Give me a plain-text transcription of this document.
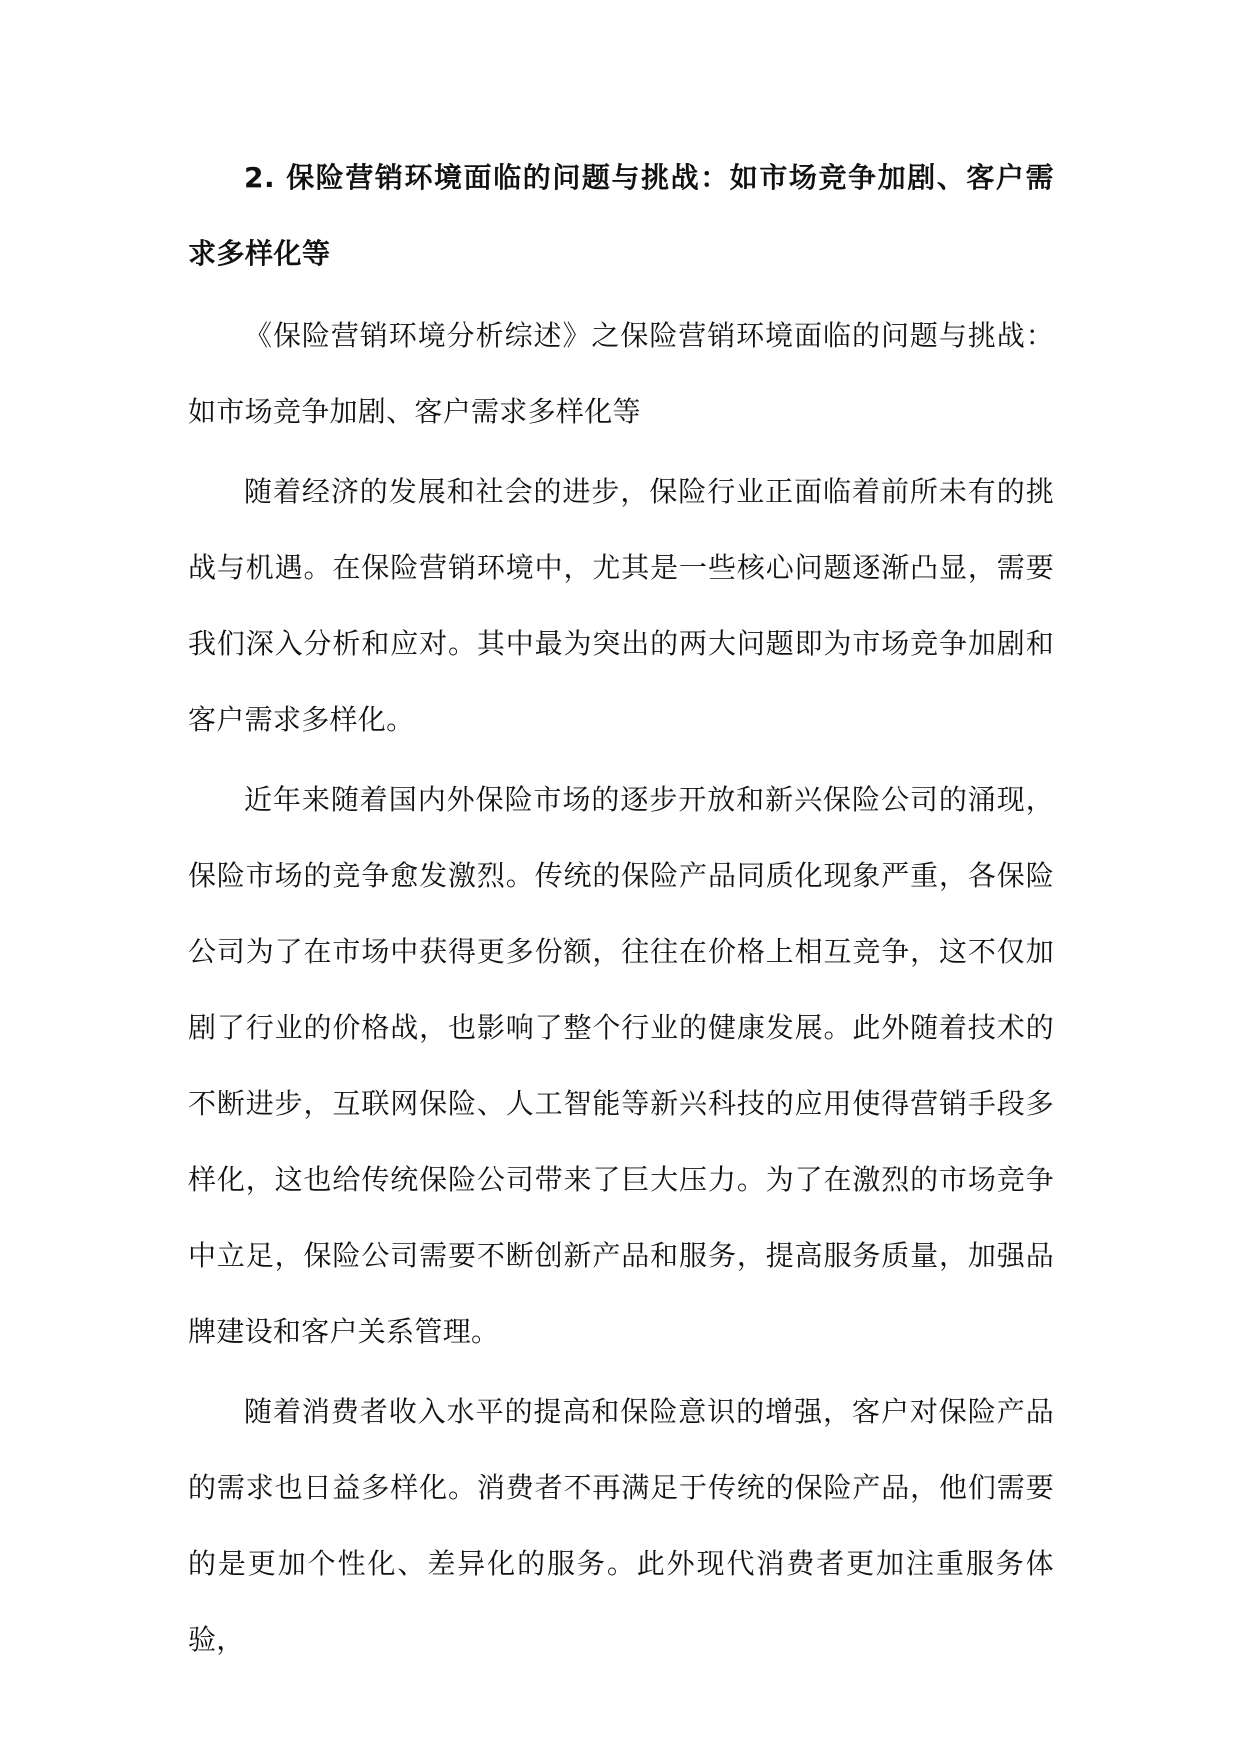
2. 保险营销环境面临的问题与挑战：如市场竞争加剧、客户需求多样化等

《保险营销环境分析综述》之保险营销环境面临的问题与挑战：如市场竞争加剧、客户需求多样化等

随着经济的发展和社会的进步，保险行业正面临着前所未有的挑战与机遇。在保险营销环境中，尤其是一些核心问题逐渐凸显，需要我们深入分析和应对。其中最为突出的两大问题即为市场竞争加剧和客户需求多样化。

近年来随着国内外保险市场的逐步开放和新兴保险公司的涌现，保险市场的竞争愈发激烈。传统的保险产品同质化现象严重，各保险公司为了在市场中获得更多份额，往往在价格上相互竞争，这不仅加剧了行业的价格战，也影响了整个行业的健康发展。此外随着技术的不断进步，互联网保险、人工智能等新兴科技的应用使得营销手段多样化，这也给传统保险公司带来了巨大压力。为了在激烈的市场竞争中立足，保险公司需要不断创新产品和服务，提高服务质量，加强品牌建设和客户关系管理。

随着消费者收入水平的提高和保险意识的增强，客户对保险产品的需求也日益多样化。消费者不再满足于传统的保险产品，他们需要的是更加个性化、差异化的服务。此外现代消费者更加注重服务体验，
